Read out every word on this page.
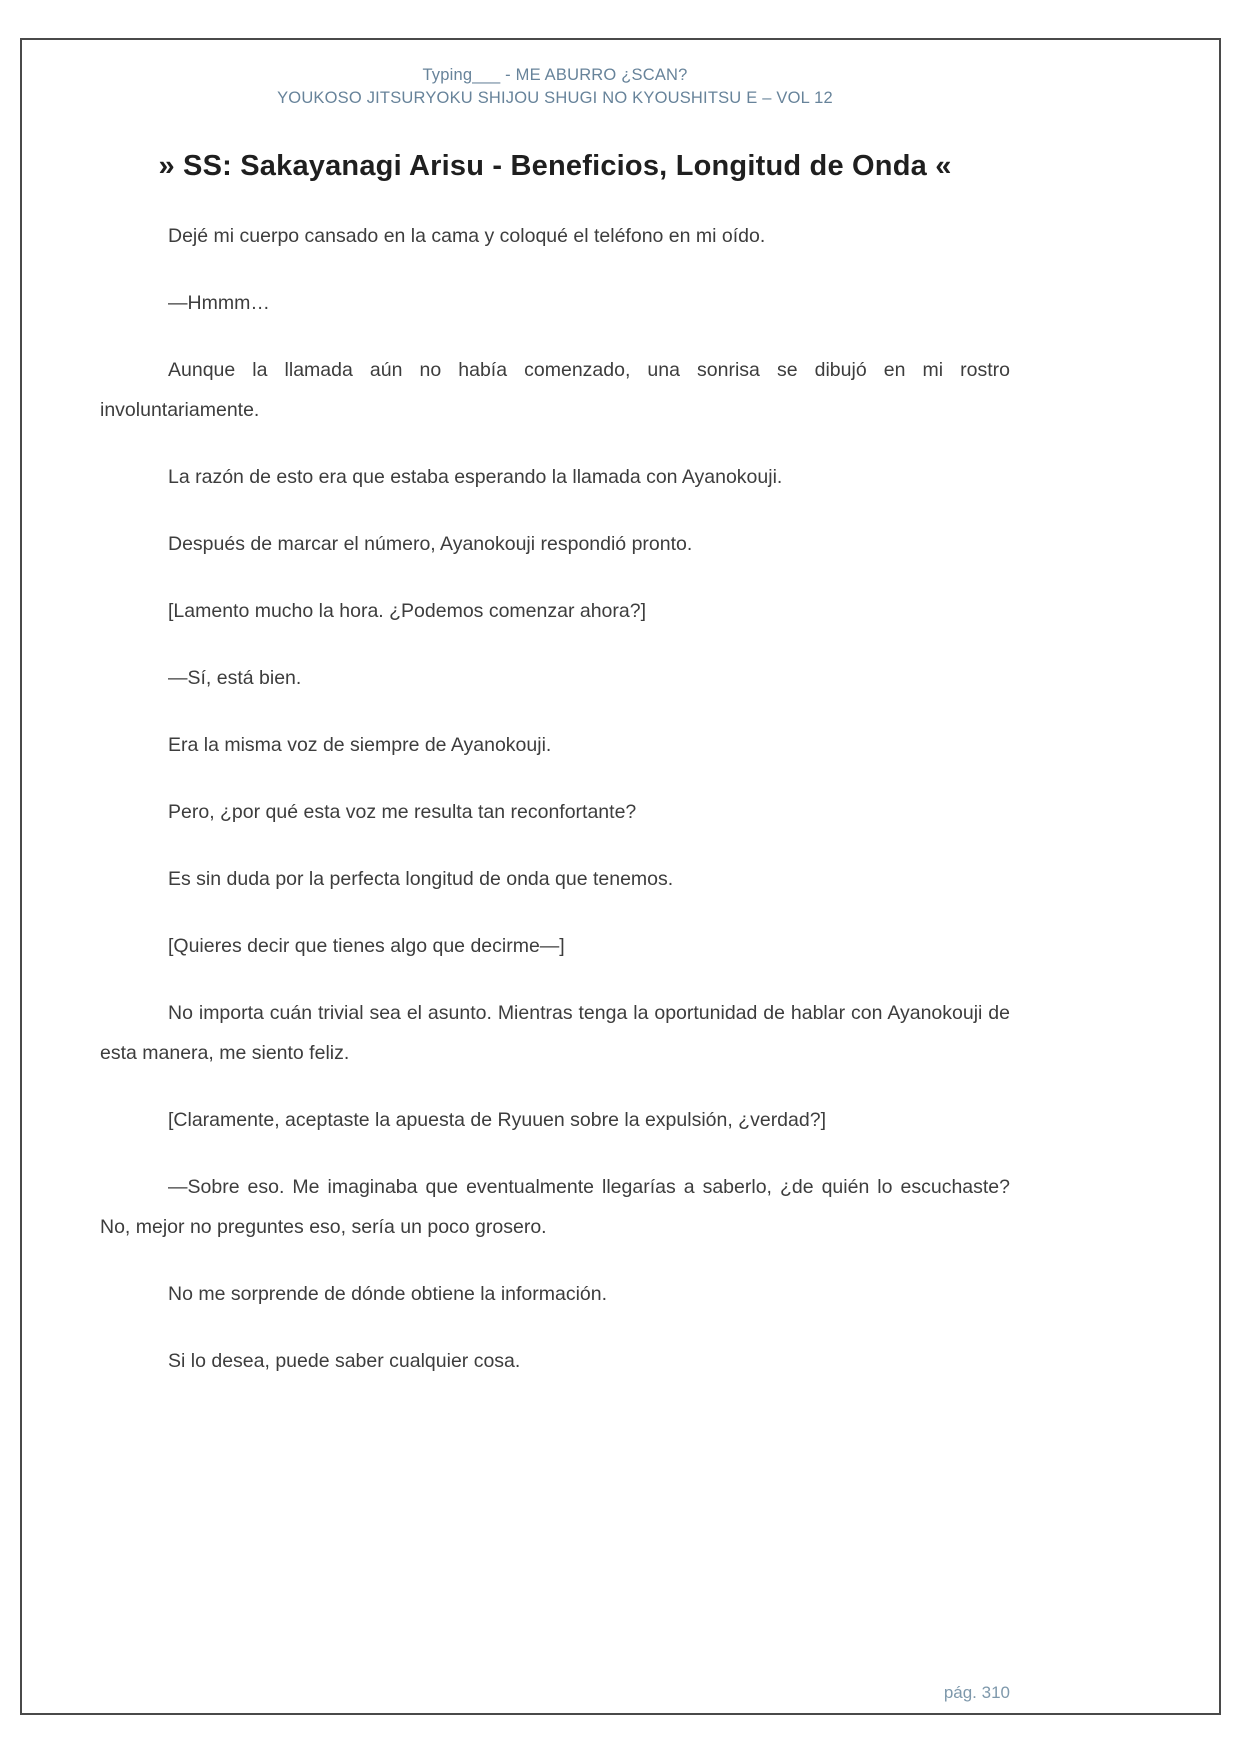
Typing___ - ME ABURRO ¿SCAN?
YOUKOSO JITSURYOKU SHIJOU SHUGI NO KYOUSHITSU E – VOL 12
» SS: Sakayanagi Arisu - Beneficios, Longitud de Onda «

Dejé mi cuerpo cansado en la cama y coloqué el teléfono en mi oído.

—Hmmm…

Aunque la llamada aún no había comenzado, una sonrisa se dibujó en mi rostro involuntariamente.

La razón de esto era que estaba esperando la llamada con Ayanokouji.

Después de marcar el número, Ayanokouji respondió pronto.

[Lamento mucho la hora. ¿Podemos comenzar ahora?]

—Sí, está bien.

Era la misma voz de siempre de Ayanokouji.

Pero, ¿por qué esta voz me resulta tan reconfortante?

Es sin duda por la perfecta longitud de onda que tenemos.

[Quieres decir que tienes algo que decirme—]

No importa cuán trivial sea el asunto. Mientras tenga la oportunidad de hablar con Ayanokouji de esta manera, me siento feliz.

[Claramente, aceptaste la apuesta de Ryuuen sobre la expulsión, ¿verdad?]

—Sobre eso. Me imaginaba que eventualmente llegarías a saberlo, ¿de quién lo escuchaste? No, mejor no preguntes eso, sería un poco grosero.

No me sorprende de dónde obtiene la información.

Si lo desea, puede saber cualquier cosa.

pág. 310
